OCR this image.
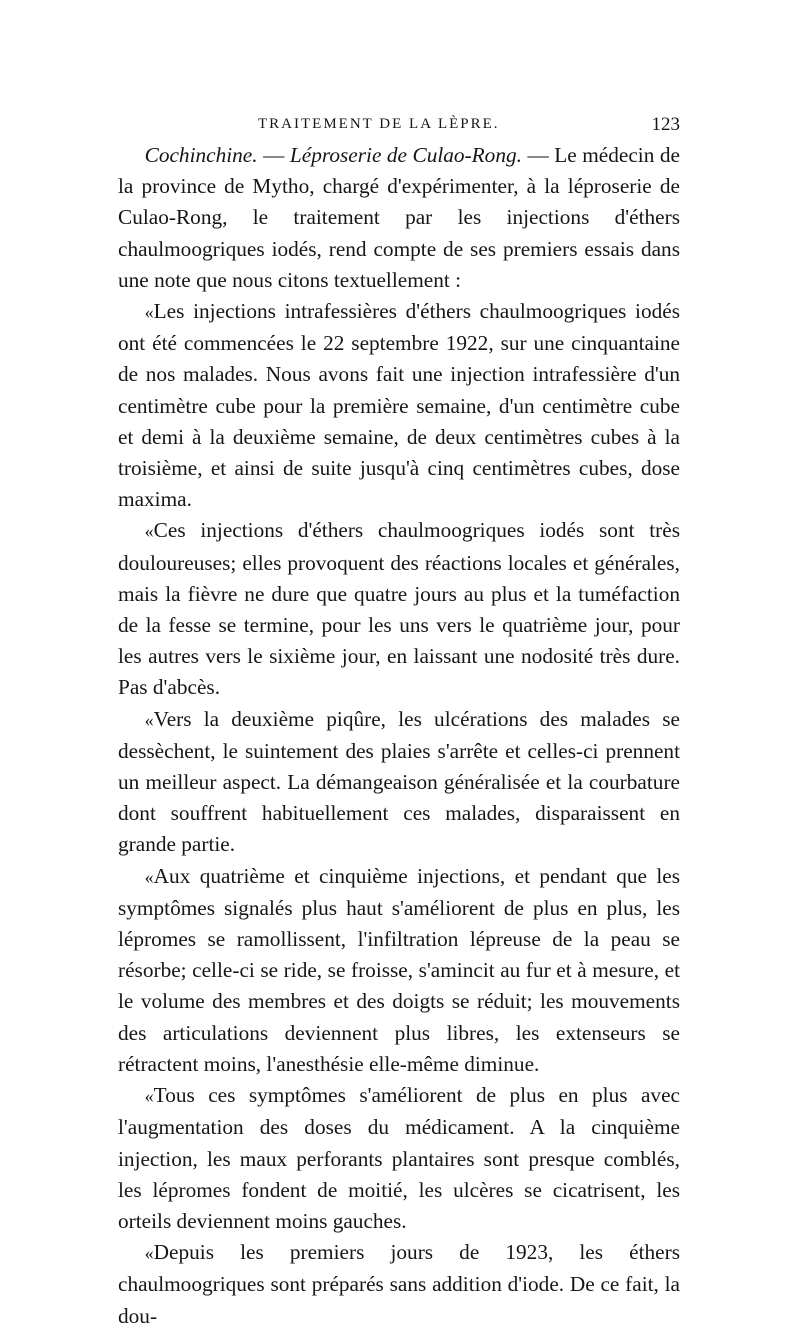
TRAITEMENT DE LA LÈPRE.	123

Cochinchine. — Léproserie de Culao-Rong. — Le médecin de la province de Mytho, chargé d'expérimenter, à la léproserie de Culao-Rong, le traitement par les injections d'éthers chaulmoogriques iodés, rend compte de ses premiers essais dans une note que nous citons textuellement :

«Les injections intrafessières d'éthers chaulmoogriques iodés ont été commencées le 22 septembre 1922, sur une cinquantaine de nos malades. Nous avons fait une injection intrafessière d'un centimètre cube pour la première semaine, d'un centimètre cube et demi à la deuxième semaine, de deux centimètres cubes à la troisième, et ainsi de suite jusqu'à cinq centimètres cubes, dose maxima.

«Ces injections d'éthers chaulmoogriques iodés sont très douloureuses; elles provoquent des réactions locales et générales, mais la fièvre ne dure que quatre jours au plus et la tuméfaction de la fesse se termine, pour les uns vers le quatrième jour, pour les autres vers le sixième jour, en laissant une nodosité très dure. Pas d'abcès.

«Vers la deuxième piqûre, les ulcérations des malades se dessèchent, le suintement des plaies s'arrête et celles-ci prennent un meilleur aspect. La démangeaison généralisée et la courbature dont souffrent habituellement ces malades, disparaissent en grande partie.

«Aux quatrième et cinquième injections, et pendant que les symptômes signalés plus haut s'améliorent de plus en plus, les lépromes se ramollissent, l'infiltration lépreuse de la peau se résorbe; celle-ci se ride, se froisse, s'amincit au fur et à mesure, et le volume des membres et des doigts se réduit; les mouvements des articulations deviennent plus libres, les extenseurs se rétractent moins, l'anesthésie elle-même diminue.

«Tous ces symptômes s'améliorent de plus en plus avec l'augmentation des doses du médicament. A la cinquième injection, les maux perforants plantaires sont presque comblés, les lépromes fondent de moitié, les ulcères se cicatrisent, les orteils deviennent moins gauches.

«Depuis les premiers jours de 1923, les éthers chaulmoogriques sont préparés sans addition d'iode. De ce fait, la dou-
